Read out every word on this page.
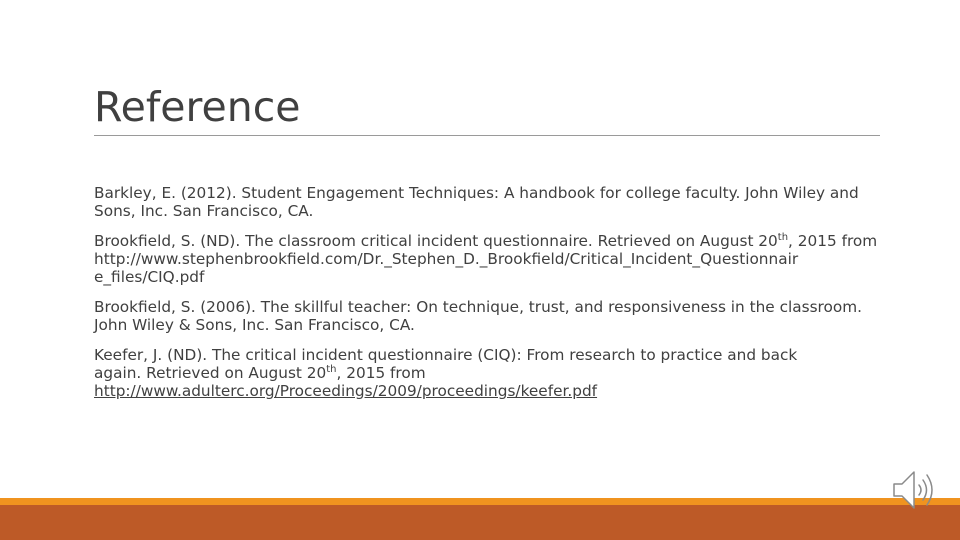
Reference
Barkley, E. (2012). Student Engagement Techniques: A handbook for college faculty. John Wiley and Sons, Inc. San Francisco, CA.
Brookfield, S. (ND). The classroom critical incident questionnaire. Retrieved on August 20th, 2015 from
http://www.stephenbrookfield.com/Dr._Stephen_D._Brookfield/Critical_Incident_Questionnair
e_files/CIQ.pdf
Brookfield, S. (2006). The skillful teacher: On technique, trust, and responsiveness in the classroom. John Wiley & Sons, Inc. San Francisco, CA.
Keefer, J. (ND). The critical incident questionnaire (CIQ): From research to practice and back
again. Retrieved on August 20th, 2015 from
http://www.adulterc.org/Proceedings/2009/proceedings/keefer.pdf
